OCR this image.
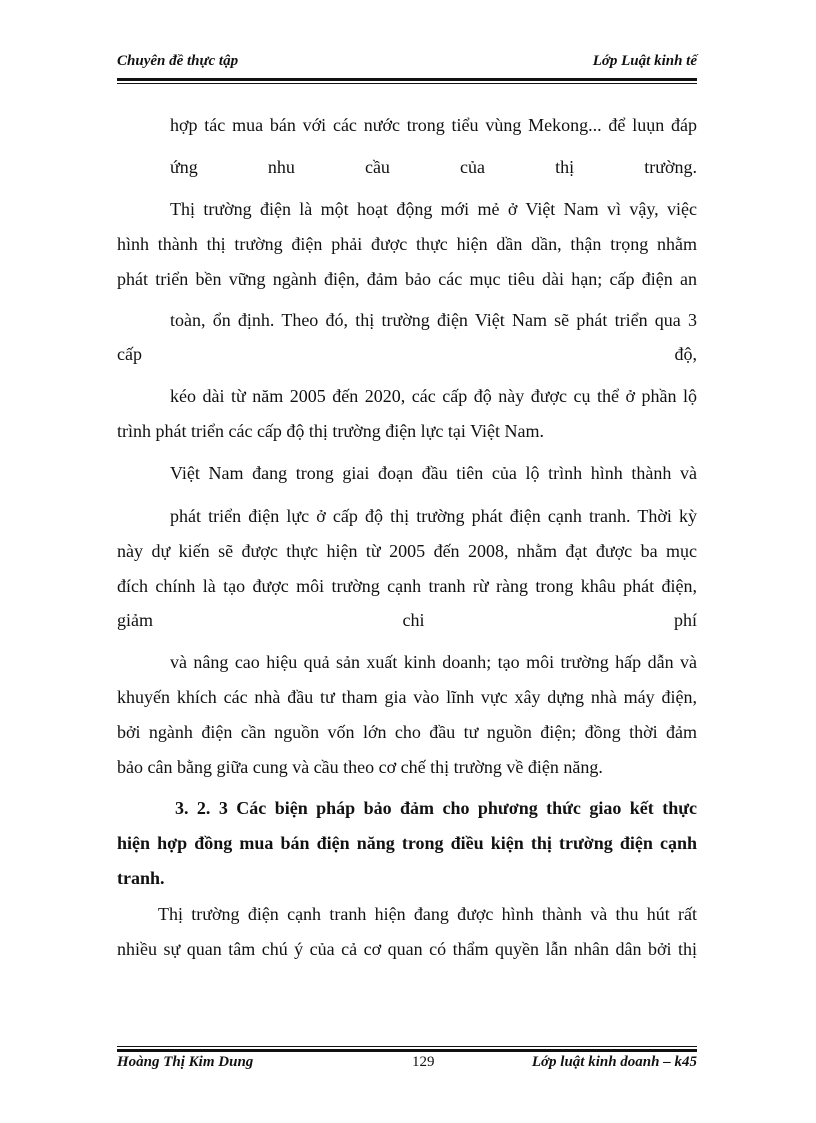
Chuyên đề thực tập	Lớp Luật kinh tế
hợp tác mua bán với các nước trong tiểu vùng Mekong... để luụn đáp
ứng	nhu	cầu	của	thị	trường.
Thị trường điện là một hoạt động mới mẻ ở Việt Nam vì vậy, việc
hình thành thị trường điện phải được thực hiện dần dần, thận trọng nhằm
phát triển bền vững ngành điện, đảm bảo các mục tiêu dài hạn; cấp điện an
toàn, ổn định. Theo đó, thị trường điện Việt Nam sẽ phát triển qua 3
cấp	độ,
kéo dài từ năm 2005 đến 2020, các cấp độ này được cụ thể ở phần lộ
trình phát triển các cấp độ thị trường điện lực tại Việt Nam.
Việt Nam đang trong giai đoạn đầu tiên của lộ trình hình thành và
phát triển điện lực ở cấp độ thị trường phát điện cạnh tranh. Thời kỳ
này dự kiến sẽ được thực hiện từ 2005 đến 2008, nhằm đạt được ba mục
đích chính là tạo được môi trường cạnh tranh rừ ràng trong khâu phát điện,
giảm	chi	phí
và nâng cao hiệu quả sản xuất kinh doanh; tạo môi trường hấp dẫn và
khuyến khích các nhà đầu tư tham gia vào lĩnh vực xây dựng nhà máy điện,
bởi ngành điện cần nguồn vốn lớn cho đầu tư nguồn điện; đồng thời đảm
bảo cân bằng giữa cung và cầu theo cơ chế thị trường về điện năng.
3. 2. 3 Các biện pháp bảo đảm cho phương thức giao kết thực
hiện hợp đồng mua bán điện năng trong điều kiện thị trường điện cạnh
tranh.
Thị trường điện cạnh tranh hiện đang được hình thành và thu hút rất
nhiều sự quan tâm chú ý của cả cơ quan có thẩm quyền lẫn nhân dân bởi thị
Hoàng Thị Kim Dung	129	Lớp luật kinh doanh – k45
